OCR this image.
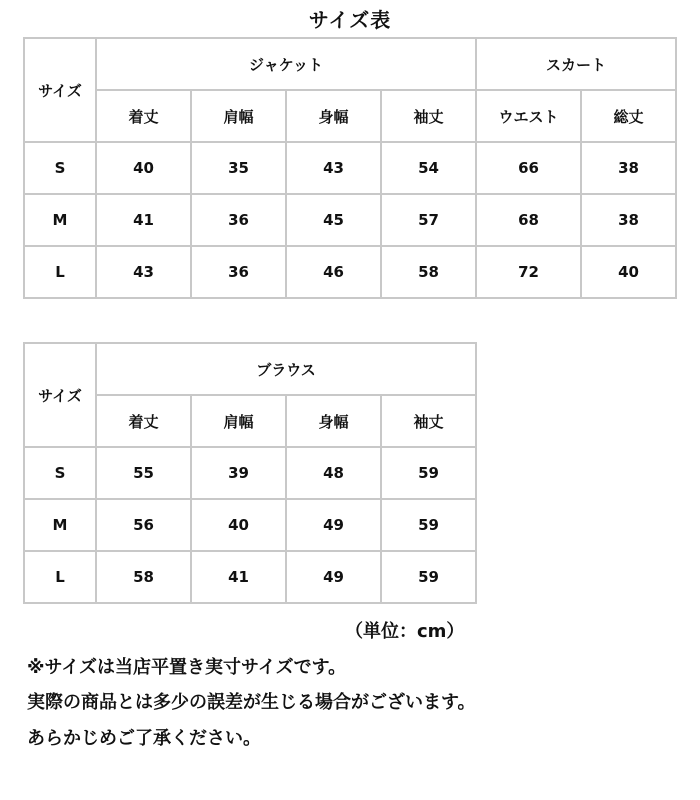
サイズ表
サイズ	ジャケット				スカート	
	着丈	肩幅	身幅	袖丈	ウエスト	総丈
S	40	35	43	54	66	38
M	41	36	45	57	68	38
L	43	36	46	58	72	40
サイズ	ブラウス			
	着丈	肩幅	身幅	袖丈
S	55	39	48	59
M	56	40	49	59
L	58	41	49	59
（単位：cm）
※サイズは当店平置き実寸サイズです。
実際の商品とは多少の誤差が生じる場合がございます。
あらかじめご了承ください。
